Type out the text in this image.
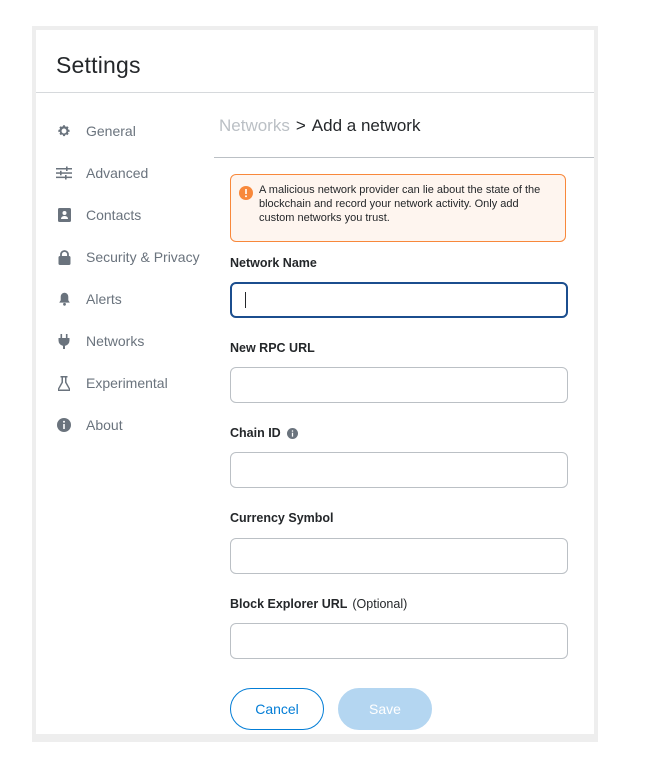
Settings
General
Advanced
Contacts
Security & Privacy
Alerts
Networks
Experimental
About
Networks > Add a network
A malicious network provider can lie about the state of the blockchain and record your network activity. Only add custom networks you trust.
Network Name
New RPC URL
Chain ID
Currency Symbol
Block Explorer URL (Optional)
Cancel	Save
